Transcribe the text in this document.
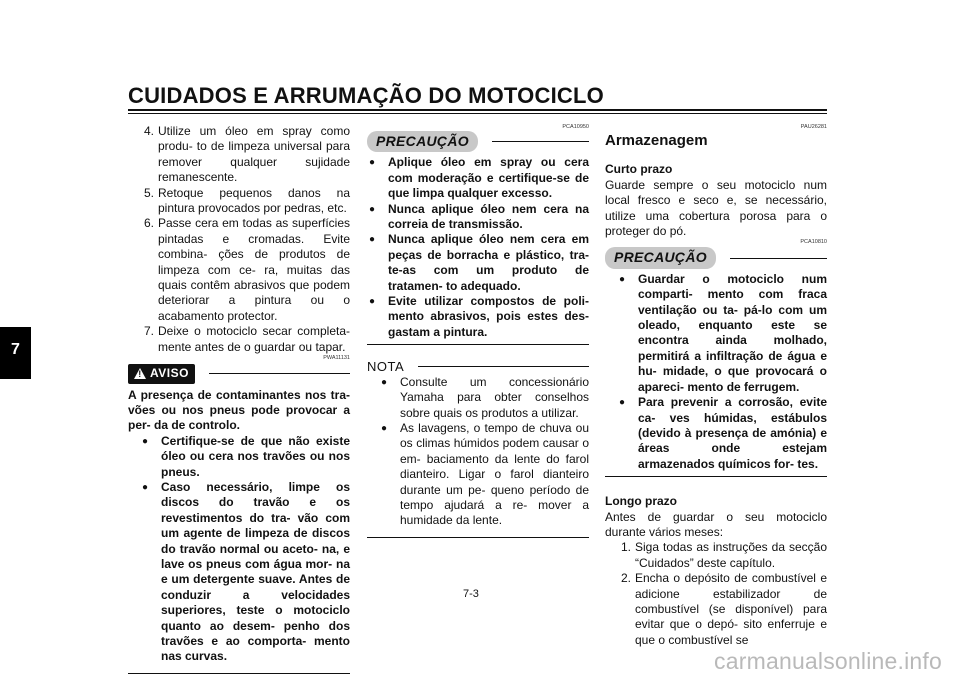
CUIDADOS E ARRUMAÇÃO DO MOTOCICLO
7
4. Utilize um óleo em spray como produ- to de limpeza universal para remover qualquer sujidade remanescente.
5. Retoque pequenos danos na pintura provocados por pedras, etc.
6. Passe cera em todas as superfícies pintadas e cromadas. Evite combina- ções de produtos de limpeza com ce- ra, muitas das quais contêm abrasivos que podem deteriorar a pintura ou o acabamento protector.
7. Deixe o motociclo secar completa- mente antes de o guardar ou tapar.
PWA11131
! AVISO
A presença de contaminantes nos tra- vões ou nos pneus pode provocar a per- da de controlo.
●	Certifique-se de que não existe óleo ou cera nos travões ou nos pneus.
●	Caso necessário, limpe os discos do travão e os revestimentos do tra- vão com um agente de limpeza de discos do travão normal ou aceto- na, e lave os pneus com água mor- na e um detergente suave. Antes de conduzir a velocidades superiores, teste o motociclo quanto ao desem- penho dos travões e ao comporta- mento nas curvas.
PCA10950
PRECAUÇÃO
●	Aplique óleo em spray ou cera com moderação e certifique-se de que limpa qualquer excesso.
●	Nunca aplique óleo nem cera na correia de transmissão.
●	Nunca aplique óleo nem cera em peças de borracha e plástico, tra- te-as com um produto de tratamen- to adequado.
●	Evite utilizar compostos de poli- mento abrasivos, pois estes des- gastam a pintura.
NOTA
●	Consulte um concessionário Yamaha para obter conselhos sobre quais os produtos a utilizar.
●	As lavagens, o tempo de chuva ou os climas húmidos podem causar o em- baciamento da lente do farol dianteiro. Ligar o farol dianteiro durante um pe- queno período de tempo ajudará a re- mover a humidade da lente.
PAU26281
Armazenagem
Curto prazo
Guarde sempre o seu motociclo num local fresco e seco e, se necessário, utilize uma cobertura porosa para o proteger do pó.
PCA10810
PRECAUÇÃO
●	Guardar o motociclo num comparti- mento com fraca ventilação ou ta- pá-lo com um oleado, enquanto este se encontra ainda molhado, permitirá a infiltração de água e hu- midade, o que provocará o apareci- mento de ferrugem.
●	Para prevenir a corrosão, evite ca- ves húmidas, estábulos (devido à presença de amónia) e áreas onde estejam armazenados químicos for- tes.
Longo prazo
Antes de guardar o seu motociclo durante vários meses:
1. Siga todas as instruções da secção “Cuidados” deste capítulo.
2. Encha o depósito de combustível e adicione estabilizador de combustível (se disponível) para evitar que o depó- sito enferruje e que o combustível se
7-3
carmanualsonline.info
